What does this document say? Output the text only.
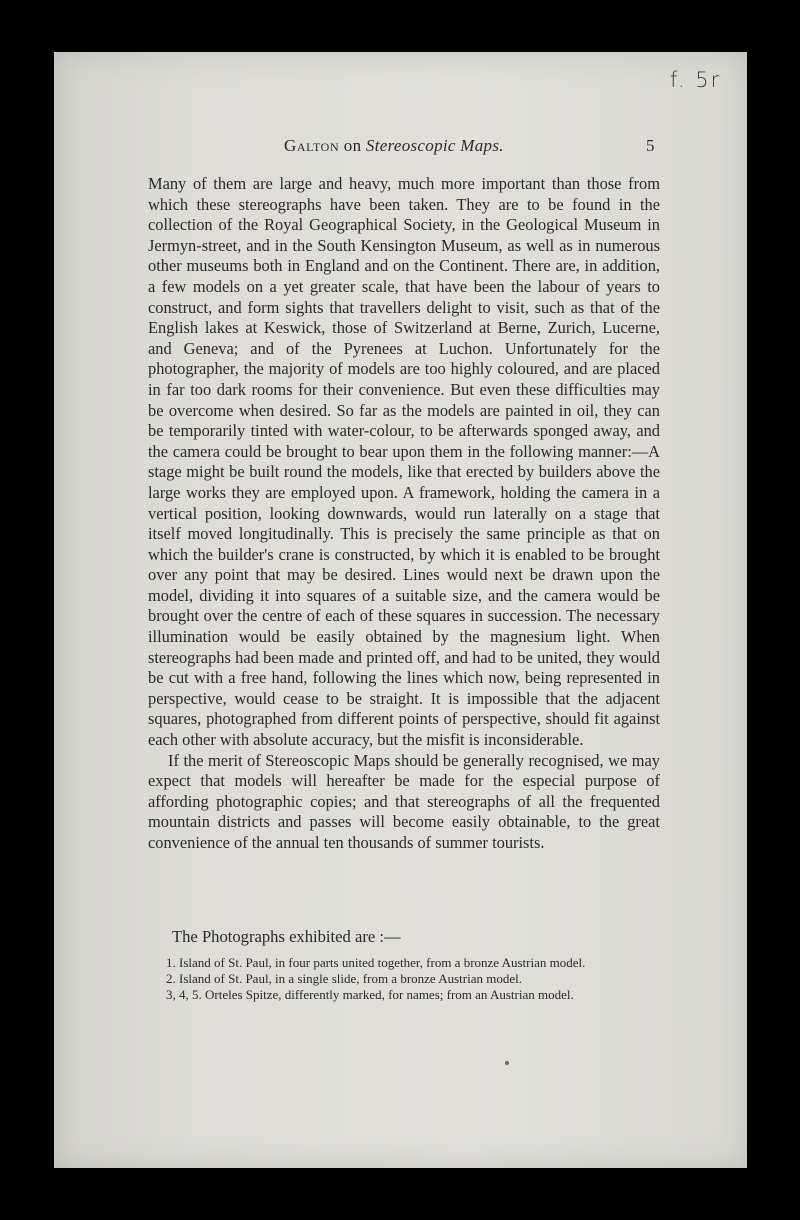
f. 5r
Galton on Stereoscopic Maps.	5

Many of them are large and heavy, much more important than those from which these stereographs have been taken. They are to be found in the collection of the Royal Geographical Society, in the Geological Museum in Jermyn-street, and in the South Kensington Museum, as well as in numerous other museums both in England and on the Continent. There are, in addition, a few models on a yet greater scale, that have been the labour of years to construct, and form sights that travellers delight to visit, such as that of the English lakes at Keswick, those of Switzerland at Berne, Zurich, Lucerne, and Geneva; and of the Pyrenees at Luchon. Unfortunately for the photographer, the majority of models are too highly coloured, and are placed in far too dark rooms for their convenience. But even these difficulties may be overcome when desired. So far as the models are painted in oil, they can be temporarily tinted with water-colour, to be afterwards sponged away, and the camera could be brought to bear upon them in the following manner:—A stage might be built round the models, like that erected by builders above the large works they are employed upon. A framework, holding the camera in a vertical position, looking downwards, would run laterally on a stage that itself moved longitudinally. This is precisely the same principle as that on which the builder's crane is constructed, by which it is enabled to be brought over any point that may be desired. Lines would next be drawn upon the model, dividing it into squares of a suitable size, and the camera would be brought over the centre of each of these squares in succession. The necessary illumination would be easily obtained by the magnesium light. When stereographs had been made and printed off, and had to be united, they would be cut with a free hand, following the lines which now, being represented in perspective, would cease to be straight. It is impossible that the adjacent squares, photographed from different points of perspective, should fit against each other with absolute accuracy, but the misfit is inconsiderable.

If the merit of Stereoscopic Maps should be generally recognised, we may expect that models will hereafter be made for the especial purpose of affording photographic copies; and that stereographs of all the frequented mountain districts and passes will become easily obtainable, to the great convenience of the annual ten thousands of summer tourists.

The Photographs exhibited are :—

1. Island of St. Paul, in four parts united together, from a bronze Austrian model.

2. Island of St. Paul, in a single slide, from a bronze Austrian model.

3, 4, 5. Orteles Spitze, differently marked, for names; from an Austrian model.
